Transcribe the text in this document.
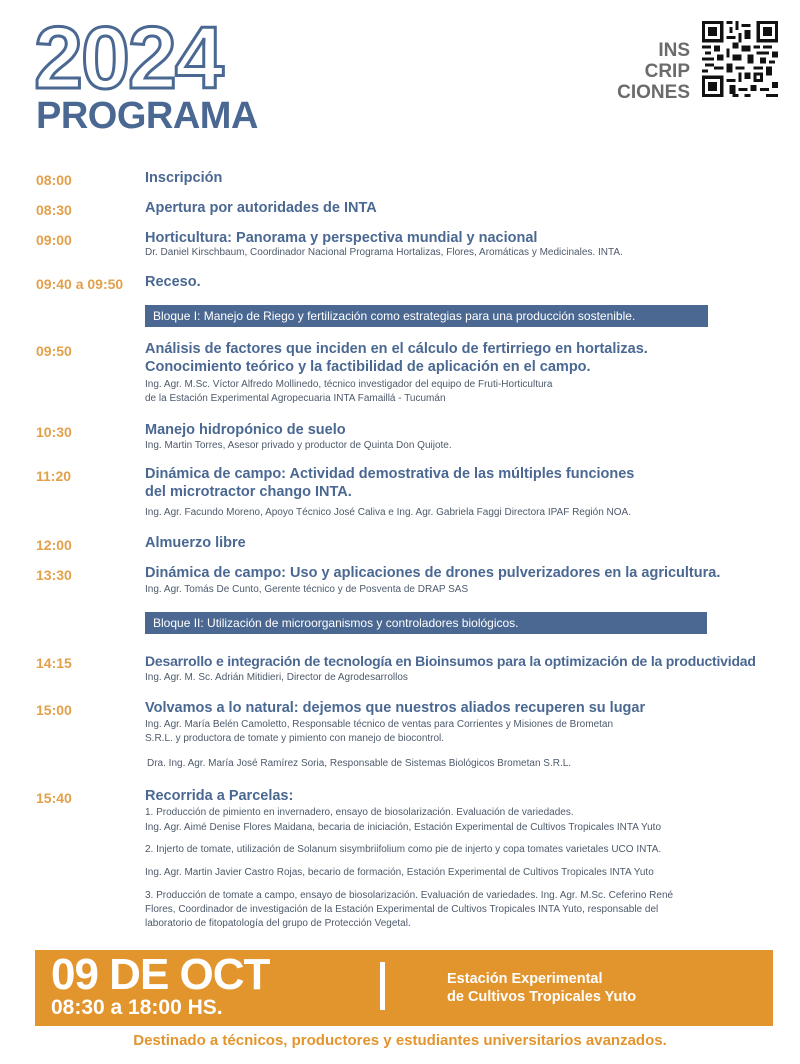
2024
PROGRAMA
INS
CRIP
CIONES
08:00	Inscripción
08:30	Apertura por autoridades de INTA
09:00	Horticultura: Panorama y perspectiva mundial y nacional
Dr. Daniel Kirschbaum, Coordinador Nacional Programa Hortalizas, Flores, Aromáticas y Medicinales. INTA.
09:40 a 09:50 Receso.
Bloque I: Manejo de Riego y fertilización como estrategias para una producción sostenible.
09:50	Análisis de factores que inciden en el cálculo de fertirriego en hortalizas.
Conocimiento teórico y la factibilidad de aplicación en el campo.
Ing. Agr. M.Sc. Víctor Alfredo Mollinedo, técnico investigador del equipo de Fruti-Horticultura
de la Estación Experimental Agropecuaria INTA Famaillá - Tucumán
10:30	Manejo hidropónico de suelo
Ing. Martin Torres, Asesor privado y productor de Quinta Don Quijote.
11:20	Dinámica de campo: Actividad demostrativa de las múltiples funciones
del microtractor chango INTA.
Ing. Agr. Facundo Moreno, Apoyo Técnico José Caliva e Ing. Agr. Gabriela Faggi Directora IPAF Región NOA.
12:00	Almuerzo libre
13:30	Dinámica de campo: Uso y aplicaciones de drones pulverizadores en la agricultura.
Ing. Agr. Tomás De Cunto, Gerente técnico y de Posventa de DRAP SAS
Bloque II: Utilización de microorganismos y controladores biológicos.
14:15	Desarrollo e integración de tecnología en Bioinsumos para la optimización de la productividad
Ing. Agr. M. Sc. Adrián Mitidieri, Director de Agrodesarrollos
15:00	Volvamos a lo natural: dejemos que nuestros aliados recuperen su lugar
Ing. Agr. María Belén Camoletto, Responsable técnico de ventas para Corrientes y Misiones de Brometan
S.R.L. y productora de tomate y pimiento con manejo de biocontrol.
Dra. Ing. Agr. María José Ramírez Soria, Responsable de Sistemas Biológicos Brometan S.R.L.
15:40	Recorrida a Parcelas:
1. Producción de pimiento en invernadero, ensayo de biosolarización. Evaluación de variedades.
Ing. Agr. Aimé Denise Flores Maidana, becaria de iniciación, Estación Experimental de Cultivos Tropicales INTA Yuto
2. Injerto de tomate, utilización de Solanum sisymbriifolium como pie de injerto y copa tomates varietales UCO INTA.
Ing. Agr. Martin Javier Castro Rojas, becario de formación, Estación Experimental de Cultivos Tropicales INTA Yuto
3. Producción de tomate a campo, ensayo de biosolarización. Evaluación de variedades. Ing. Agr. M.Sc. Ceferino René
Flores, Coordinador de investigación de la Estación Experimental de Cultivos Tropicales INTA Yuto, responsable del
laboratorio de fitopatología del grupo de Protección Vegetal.
09 DE OCT
08:30 a 18:00 HS.
Estación Experimental
de Cultivos Tropicales Yuto
Destinado a técnicos, productores y estudiantes universitarios avanzados.
